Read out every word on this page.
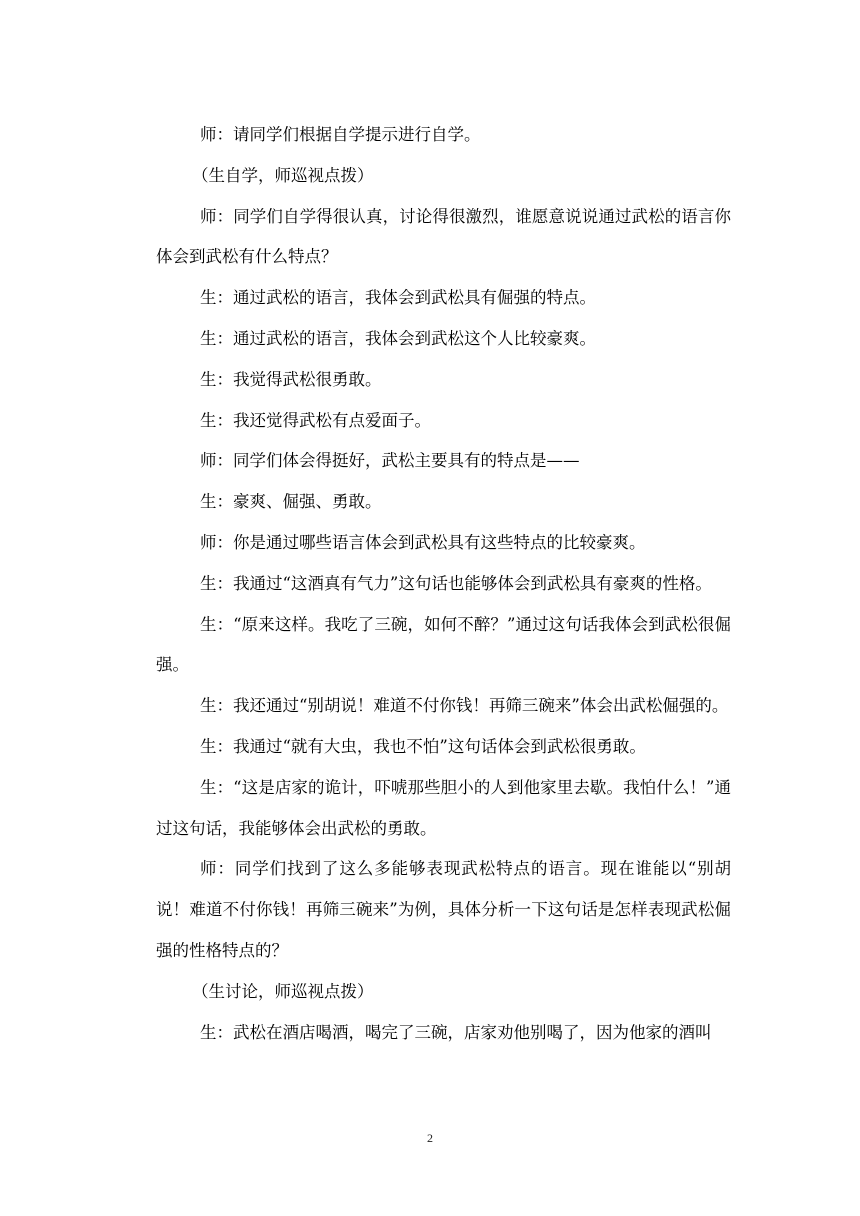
师：请同学们根据自学提示进行自学。

（生自学，师巡视点拨）

师：同学们自学得很认真，讨论得很激烈，谁愿意说说通过武松的语言你体会到武松有什么特点？

生：通过武松的语言，我体会到武松具有倔强的特点。

生：通过武松的语言，我体会到武松这个人比较豪爽。

生：我觉得武松很勇敢。

生：我还觉得武松有点爱面子。

师：同学们体会得挺好，武松主要具有的特点是——

生：豪爽、倔强、勇敢。

师：你是通过哪些语言体会到武松具有这些特点的比较豪爽。

生：我通过“这酒真有气力”这句话也能够体会到武松具有豪爽的性格。

生：“原来这样。我吃了三碗，如何不醉？”通过这句话我体会到武松很倔强。

生：我还通过“别胡说！难道不付你钱！再筛三碗来”体会出武松倔强的。

生：我通过“就有大虫，我也不怕”这句话体会到武松很勇敢。

生：“这是店家的诡计，吓唬那些胆小的人到他家里去歇。我怕什么！”通过这句话，我能够体会出武松的勇敢。

师：同学们找到了这么多能够表现武松特点的语言。现在谁能以“别胡说！难道不付你钱！再筛三碗来”为例，具体分析一下这句话是怎样表现武松倔强的性格特点的？

（生讨论，师巡视点拨）

生：武松在酒店喝酒，喝完了三碗，店家劝他别喝了，因为他家的酒叫

2
